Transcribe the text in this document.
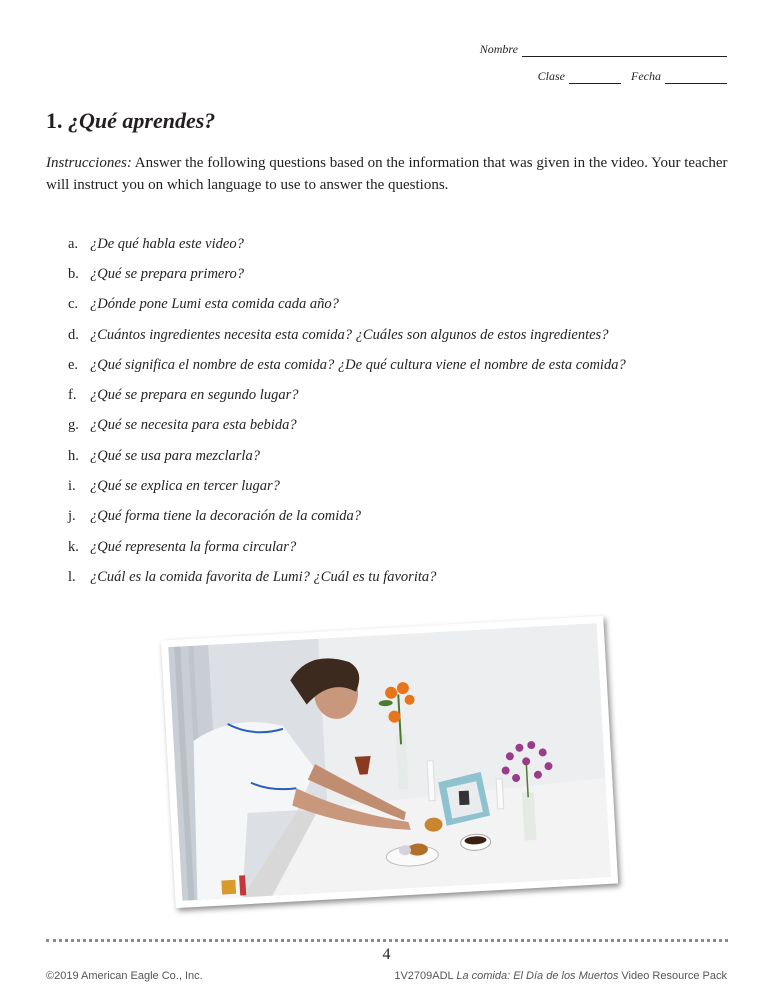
Nombre
Clase	Fecha
1. ¿Qué aprendes?

Instrucciones: Answer the following questions based on the information that was given in the video. Your teacher will instruct you on which language to use to answer the questions.

a. ¿De qué habla este video?
b. ¿Qué se prepara primero?
c. ¿Dónde pone Lumi esta comida cada año?
d. ¿Cuántos ingredientes necesita esta comida? ¿Cuáles son algunos de estos ingredientes?
e. ¿Qué significa el nombre de esta comida? ¿De qué cultura viene el nombre de esta comida?
f. ¿Qué se prepara en segundo lugar?
g. ¿Qué se necesita para esta bebida?
h. ¿Qué se usa para mezclarla?
i. ¿Qué se explica en tercer lugar?
j. ¿Qué forma tiene la decoración de la comida?
k. ¿Qué representa la forma circular?
l. ¿Cuál es la comida favorita de Lumi? ¿Cuál es tu favorita?
4
©2019 American Eagle Co., Inc.	1V2709ADL La comida: El Día de los Muertos Video Resource Pack
